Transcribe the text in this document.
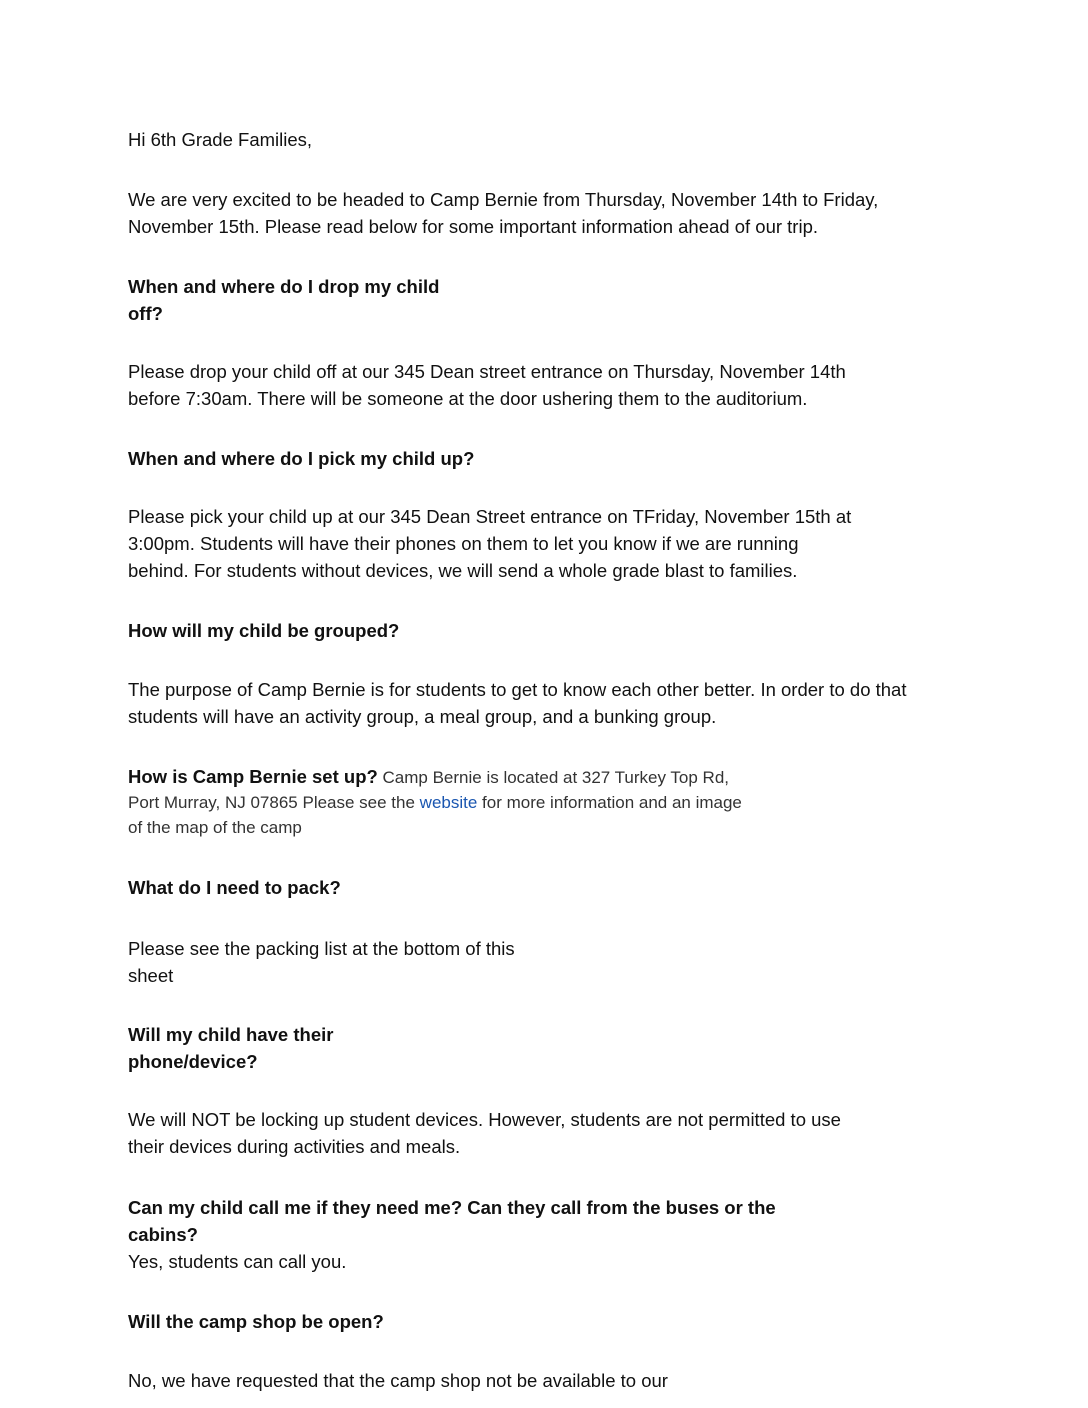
Hi 6th Grade Families,
We are very excited to be headed to Camp Bernie from Thursday, November 14th to Friday,
November 15th. Please read below for some important information ahead of our trip.
When and where do I drop my child
off?
Please drop your child off at our 345 Dean street entrance on Thursday, November 14th
before 7:30am. There will be someone at the door ushering them to the auditorium.
When and where do I pick my child up?
Please pick your child up at our 345 Dean Street entrance on TFriday, November 15th at
3:00pm. Students will have their phones on them to let you know if we are running
behind. For students without devices, we will send a whole grade blast to families.
How will my child be grouped?
The purpose of Camp Bernie is for students to get to know each other better. In order to do that
students will have an activity group, a meal group, and a bunking group.
How is Camp Bernie set up? Camp Bernie is located at 327 Turkey Top Rd,
Port Murray, NJ 07865 Please see the website for more information and an image
of the map of the camp
What do I need to pack?
Please see the packing list at the bottom of this
sheet
Will my child have their
phone/device?
We will NOT be locking up student devices. However, students are not permitted to use
their devices during activities and meals.
Can my child call me if they need me? Can they call from the buses or the
cabins?
Yes, students can call you.
Will the camp shop be open?
No, we have requested that the camp shop not be available to our
